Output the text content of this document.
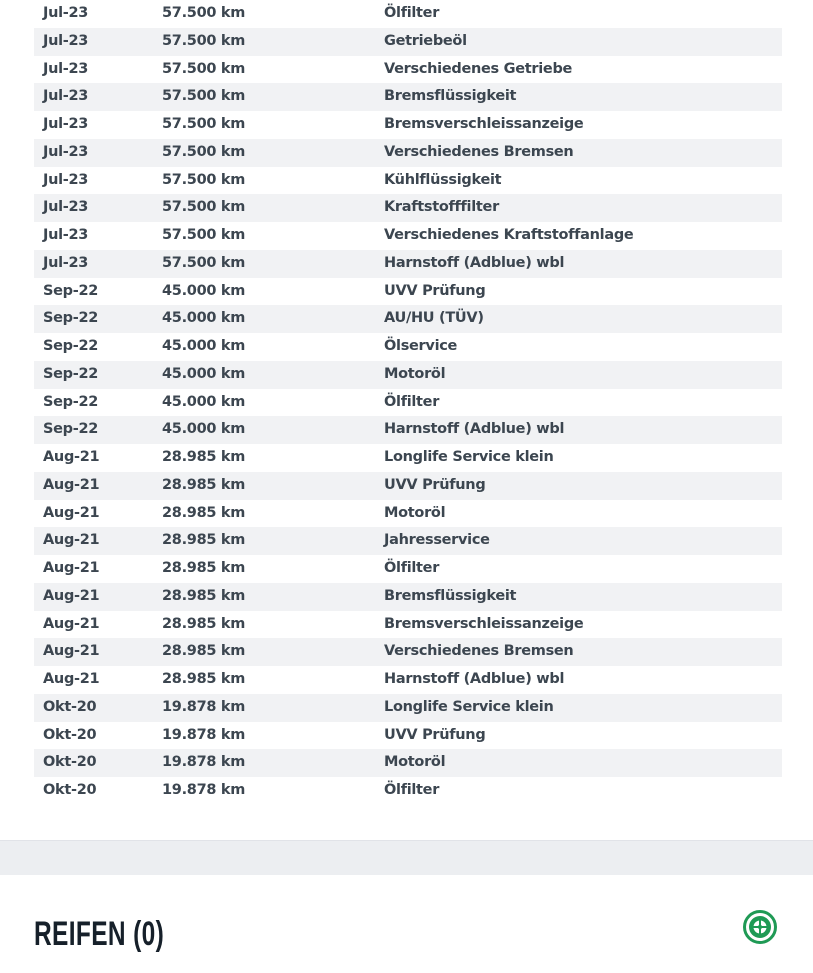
Jul-23	57.500 km	Ölfilter
Jul-23	57.500 km	Getriebeöl
Jul-23	57.500 km	Verschiedenes Getriebe
Jul-23	57.500 km	Bremsflüssigkeit
Jul-23	57.500 km	Bremsverschleissanzeige
Jul-23	57.500 km	Verschiedenes Bremsen
Jul-23	57.500 km	Kühlflüssigkeit
Jul-23	57.500 km	Kraftstofffilter
Jul-23	57.500 km	Verschiedenes Kraftstoffanlage
Jul-23	57.500 km	Harnstoff (Adblue) wbl
Sep-22	45.000 km	UVV Prüfung
Sep-22	45.000 km	AU/HU (TÜV)
Sep-22	45.000 km	Ölservice
Sep-22	45.000 km	Motoröl
Sep-22	45.000 km	Ölfilter
Sep-22	45.000 km	Harnstoff (Adblue) wbl
Aug-21	28.985 km	Longlife Service klein
Aug-21	28.985 km	UVV Prüfung
Aug-21	28.985 km	Motoröl
Aug-21	28.985 km	Jahresservice
Aug-21	28.985 km	Ölfilter
Aug-21	28.985 km	Bremsflüssigkeit
Aug-21	28.985 km	Bremsverschleissanzeige
Aug-21	28.985 km	Verschiedenes Bremsen
Aug-21	28.985 km	Harnstoff (Adblue) wbl
Okt-20	19.878 km	Longlife Service klein
Okt-20	19.878 km	UVV Prüfung
Okt-20	19.878 km	Motoröl
Okt-20	19.878 km	Ölfilter
REIFEN (0)
